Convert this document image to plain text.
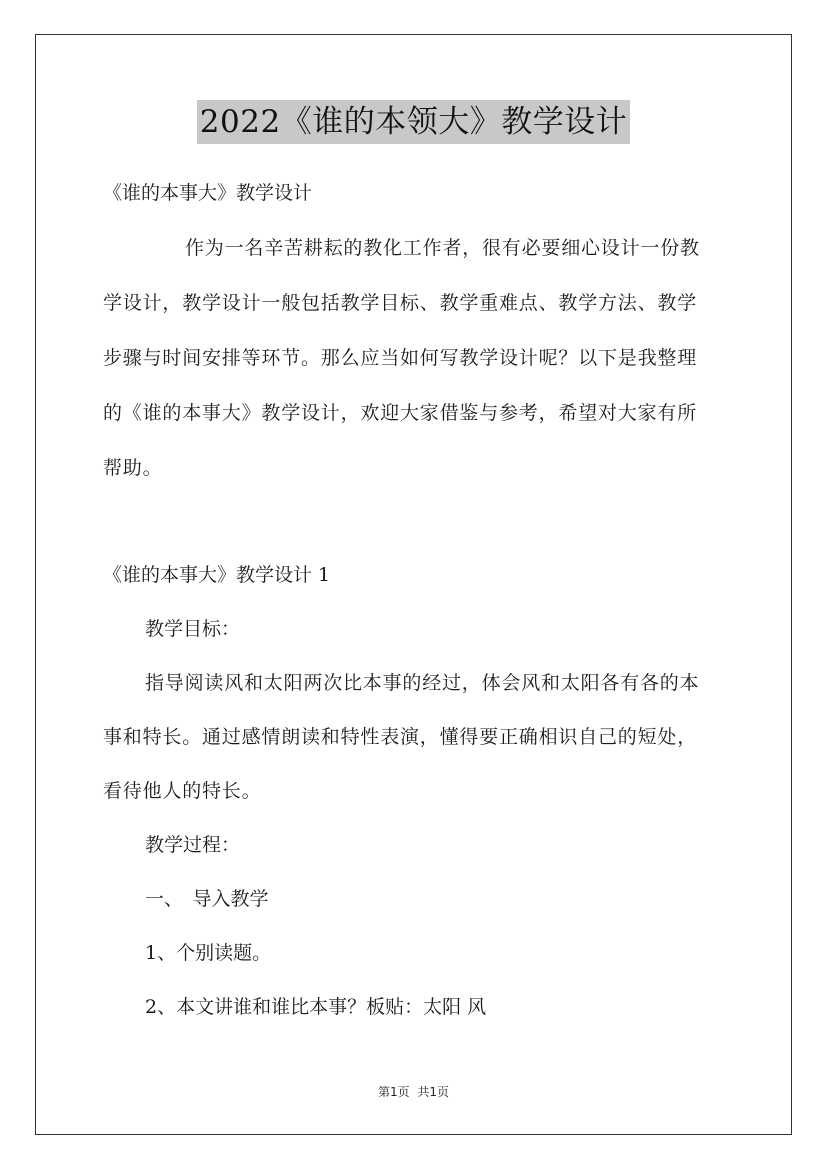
2022《谁的本领大》教学设计
《谁的本事大》教学设计
作为一名辛苦耕耘的教化工作者，很有必要细心设计一份教
学设计，教学设计一般包括教学目标、教学重难点、教学方法、教学
步骤与时间安排等环节。那么应当如何写教学设计呢？以下是我整理
的《谁的本事大》教学设计，欢迎大家借鉴与参考，希望对大家有所
帮助。
《谁的本事大》教学设计 1
教学目标：
指导阅读风和太阳两次比本事的经过，体会风和太阳各有各的本
事和特长。通过感情朗读和特性表演，懂得要正确相识自己的短处，
看待他人的特长。
教学过程：
一、　导入教学
1、个别读题。
2、本文讲谁和谁比本事？板贴：太阳 风
第1页 共1页
